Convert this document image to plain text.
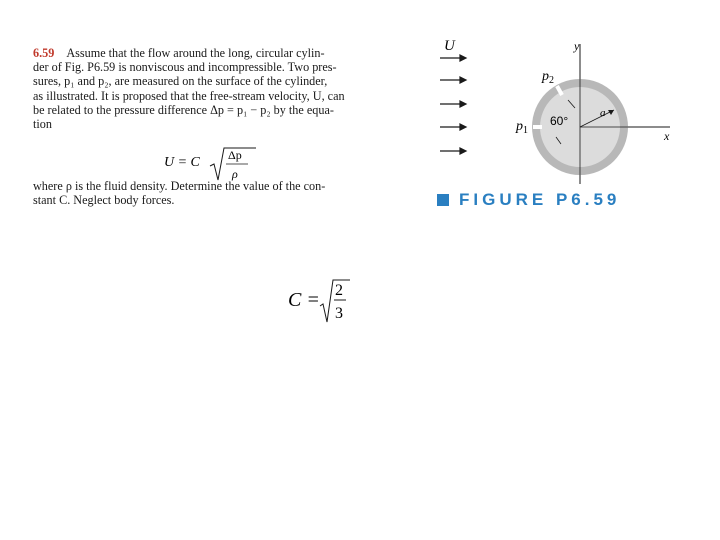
6.59 Assume that the flow around the long, circular cylin-
der of Fig. P6.59 is nonviscous and incompressible. Two pres-
sures, p₁ and p₂, are measured on the surface of the cylinder,
as illustrated. It is proposed that the free-stream velocity, U, can
be related to the pressure difference Δp = p₁ − p₂ by the equa-
tion
where ρ is the fluid density. Determine the value of the con-
stant C. Neglect body forces.
U = C Δp
ρ
U	y
x
a
60°
$p_1$
$p_2$
FIGURE P6.59
C = 2
3
